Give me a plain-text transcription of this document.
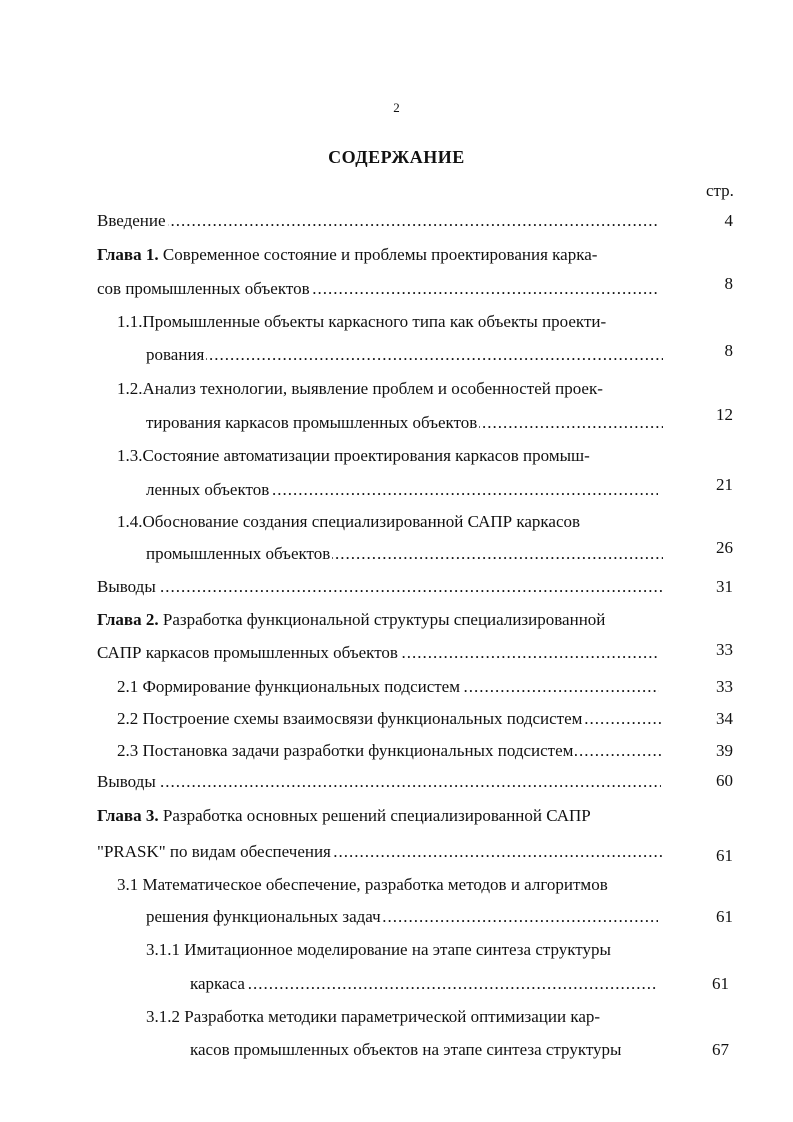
2
СОДЕРЖАНИЕ
стр.
Введение .....	4
Глава 1. Современное состояние и проблемы проектирования карка-
сов промышленных объектов .....	8
1.1.Промышленные объекты каркасного типа как объекты проекти-
рования .....	8
1.2.Анализ технологии, выявление проблем и особенностей проек-
тирования каркасов промышленных объектов .....	12
1.3.Состояние автоматизации проектирования каркасов промыш-
ленных объектов .....	21
1.4.Обоснование создания специализированной САПР каркасов
промышленных объектов .....	26
Выводы .....	31
Глава 2. Разработка функциональной структуры специализированной
САПР каркасов промышленных объектов .....	33
2.1 Формирование функциональных подсистем .....	33
2.2 Построение схемы взаимосвязи функциональных подсистем .....	34
2.3 Постановка задачи разработки функциональных подсистем .....	39
Выводы .....	60
Глава 3. Разработка основных решений специализированной САПР
"PRASK" по видам обеспечения .....	61
3.1 Математическое обеспечение, разработка методов и алгоритмов
решения функциональных задач .....	61
3.1.1 Имитационное моделирование на этапе синтеза структуры
каркаса .....	61
3.1.2 Разработка методики параметрической оптимизации кар-
касов промышленных объектов на этапе синтеза структуры	67
